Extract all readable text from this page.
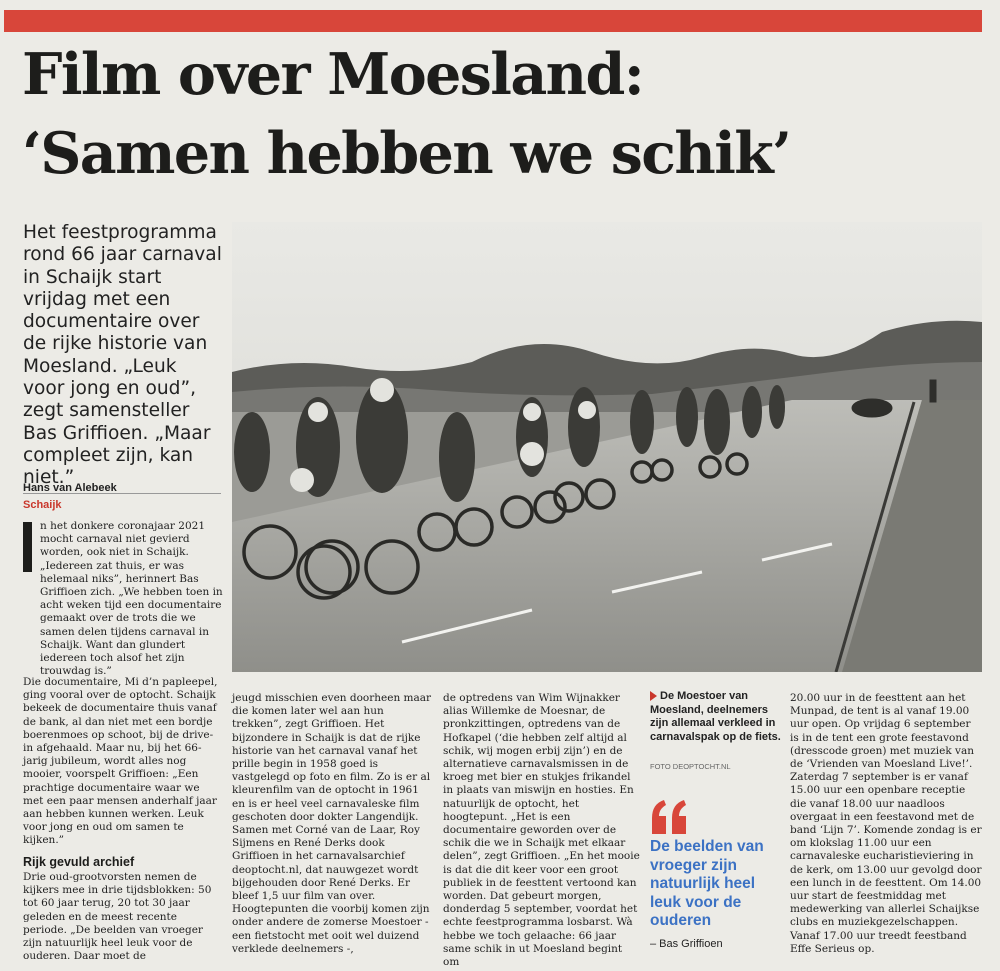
Film over Moesland:
‘Samen hebben we schik’
Het feestprogramma rond 66 jaar carnaval in Schaijk start vrijdag met een documentaire over de rijke historie van Moesland. „Leuk voor jong en oud”, zegt samensteller Bas Griffioen. „Maar compleet zijn, kan niet.”
Hans van Alebeek
Schaijk
n het donkere coronajaar 2021 mocht carnaval niet gevierd worden, ook niet in Schaijk. „Iedereen zat thuis, er was helemaal niks”, herinnert Bas Griffioen zich. „We hebben toen in acht weken tijd een documentaire gemaakt over de trots die we samen delen tijdens carnaval in Schaijk. Want dan glundert iedereen toch alsof het zijn trouwdag is.”
Die documentaire, Mi d’n papleepel, ging vooral over de optocht. Schaijk bekeek de documentaire thuis vanaf de bank, al dan niet met een bordje boerenmoes op schoot, bij de drive-in afgehaald. Maar nu, bij het 66-jarig jubileum, wordt alles nog mooier, voorspelt Griffioen: „Een prachtige documentaire waar we met een paar mensen anderhalf jaar aan hebben kunnen werken. Leuk voor jong en oud om samen te kijken.”
Rijk gevuld archief
Drie oud-grootvorsten nemen de kijkers mee in drie tijdsblokken: 50 tot 60 jaar terug, 20 tot 30 jaar geleden en de meest recente periode. „De beelden van vroeger zijn natuurlijk heel leuk voor de ouderen. Daar moet de
jeugd misschien even doorheen maar die komen later wel aan hun trekken”, zegt Griffioen. Het bijzondere in Schaijk is dat de rijke historie van het carnaval vanaf het prille begin in 1958 goed is vastgelegd op foto en film. Zo is er al kleurenfilm van de optocht in 1961 en is er heel veel carnavaleske film geschoten door dokter Langendijk. Samen met Corné van de Laar, Roy Sijmens en René Derks dook Griffioen in het carnavalsarchief deoptocht.nl, dat nauwgezet wordt bijgehouden door René Derks. Er bleef 1,5 uur film van over. Hoogtepunten die voorbij komen zijn onder andere de zomerse Moestoer - een fietstocht met ooit wel duizend verklede deelnemers -,
de optredens van Wim Wijnakker alias Willemke de Moesnar, de pronkzittingen, optredens van de Hofkapel (‘die hebben zelf altijd al schik, wij mogen erbij zijn’) en de alternatieve carnavalsmissen in de kroeg met bier en stukjes frikandel in plaats van miswijn en hosties. En natuurlijk de optocht, het hoogtepunt. „Het is een documentaire geworden over de schik die we in Schaijk met elkaar delen”, zegt Griffioen. „En het mooie is dat die dit keer voor een groot publiek in de feesttent vertoond kan worden. Dat gebeurt morgen, donderdag 5 september, voordat het echte feestprogramma losbarst. Wà hebbe we toch gelaache: 66 jaar same schik in ut Moesland begint om
20.00 uur in de feesttent aan het Munpad, de tent is al vanaf 19.00 uur open. Op vrijdag 6 september is in de tent een grote feestavond (dresscode groen) met muziek van de ‘Vrienden van Moesland Live!’. Zaterdag 7 september is er vanaf 15.00 uur een openbare receptie die vanaf 18.00 uur naadloos overgaat in een feestavond met de band ‘Lijn 7’. Komende zondag is er om klokslag 11.00 uur een carnavaleske eucharistieviering in de kerk, om 13.00 uur gevolgd door een lunch in de feesttent. Om 14.00 uur start de feestmiddag met medewerking van allerlei Schaijkse clubs en muziekgezelschappen. Vanaf 17.00 uur treedt feestband Effe Serieus op.
De Moestoer van Moesland, deelnemers zijn allemaal verkleed in carnavalspak op de fiets.
FOTO DEOPTOCHT.NL
De beelden van vroeger zijn natuurlijk heel leuk voor de ouderen
– Bas Griffioen
